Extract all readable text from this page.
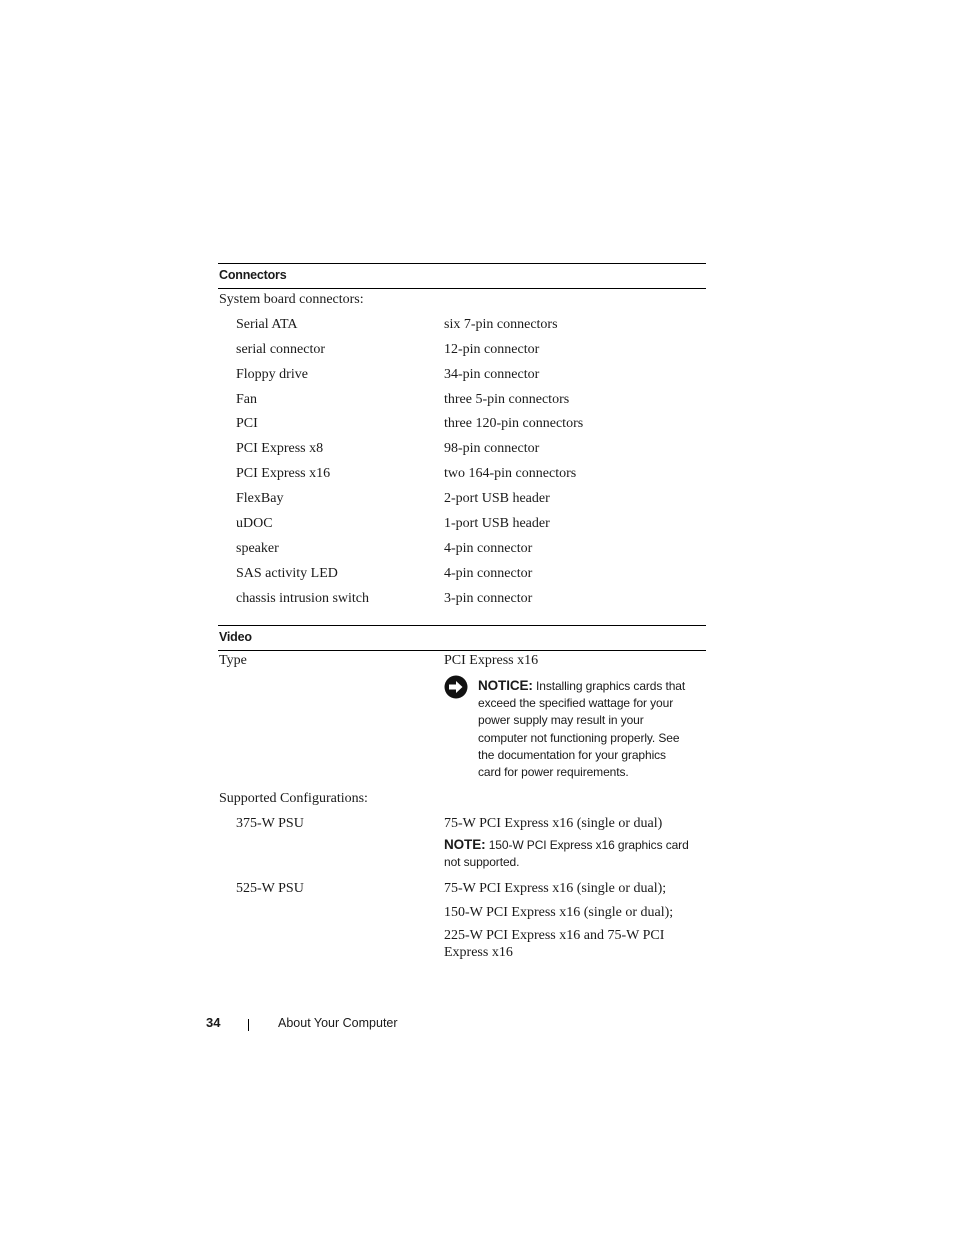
Connectors
System board connectors:
Serial ATA	six 7-pin connectors
serial connector	12-pin connector
Floppy drive	34-pin connector
Fan	three 5-pin connectors
PCI	three 120-pin connectors
PCI Express x8	98-pin connector
PCI Express x16	two 164-pin connectors
FlexBay	2-port USB header
uDOC	1-port USB header
speaker	4-pin connector
SAS activity LED	4-pin connector
chassis intrusion switch	3-pin connector
Video
Type	PCI Express x16
NOTICE: Installing graphics cards that
exceed the specified wattage for your
power supply may result in your
computer not functioning properly. See
the documentation for your graphics
card for power requirements.
Supported Configurations:
375-W PSU	75-W PCI Express x16 (single or dual)
NOTE: 150-W PCI Express x16 graphics card
not supported.
525-W PSU	75-W PCI Express x16 (single or dual);
150-W PCI Express x16 (single or dual);
225-W PCI Express x16 and 75-W PCI
Express x16
34	About Your Computer
